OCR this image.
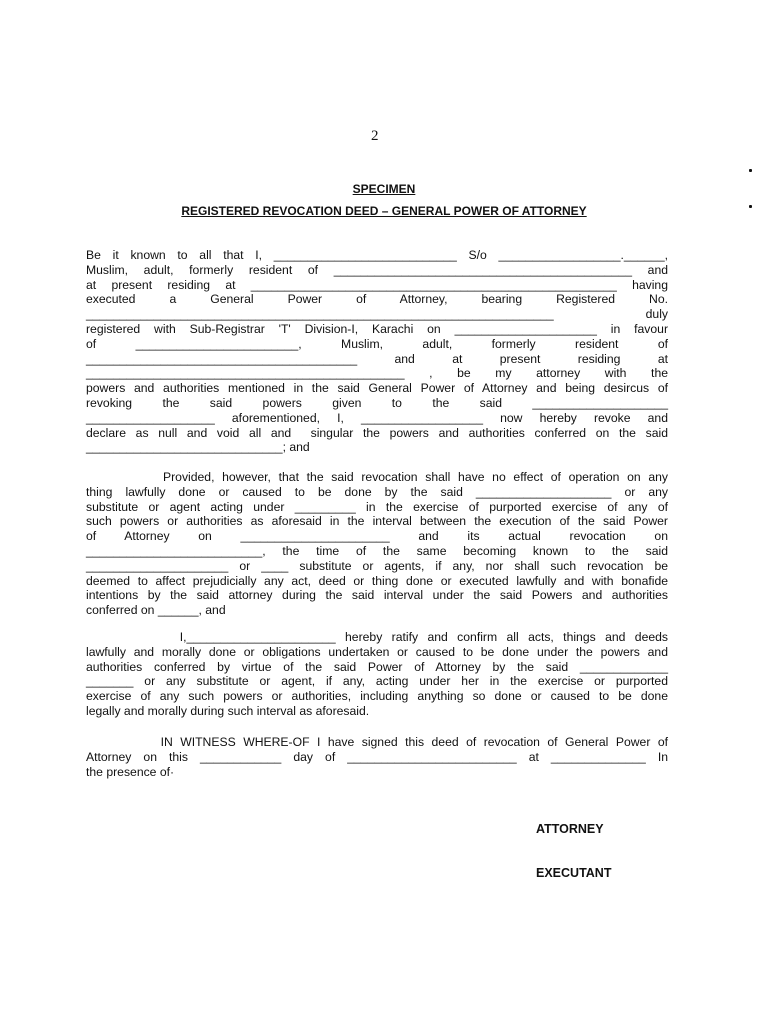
2
SPECIMEN
REGISTERED REVOCATION DEED – GENERAL POWER OF ATTORNEY
Be it known to all that I, ___________________________ S/o __________________.______,
Muslim, adult, formerly resident of ____________________________________________ and
at present residing at ______________________________________________________ having
executed   a   General   Power   of   Attorney,   bearing   Registered   No.
_____________________________________________________________________ duly
registered with Sub-Registrar 'T' Division-I, Karachi on _____________________ in favour
of    ________________________,    Muslim,    adult,    formerly    resident    of
________________________________________ and at present residing at
_______________________________________________ , be my attorney with the
powers and authorities mentioned in the said General Power of Attorney and being desircus of
revoking   the   said   powers   given   to   the   said   ____________________
___________________ aforementioned, I, __________________ now hereby revoke and
declare as null and void all and  singular the powers and authorities conferred on the said
_____________________________; and
Provided, however, that the said revocation shall have no effect of operation on any
thing lawfully done or caused to be done by the said ____________________ or any
substitute or agent acting under _________ in the exercise of purported exercise of any of
such powers or authorities as aforesaid in the interval between the execution of the said Power
of   Attorney   on   ______________________   and   its   actual   revocation   on
__________________________,  the  time  of  the  same  becoming  known  to  the  said
_____________________ or ____ substitute or agents, if any, nor shall such revocation be
deemed to affect prejudicially any act, deed or thing done or executed lawfully and with bonafide
intentions by the said attorney during the said interval under the said Powers and authorities
conferred on ______, and
I,______________________ hereby ratify and confirm all acts, things and deeds
lawfully and morally done or obligations undertaken or caused to be done under the powers and
authorities conferred by virtue of the said Power of Attorney by the said _____________
_______ or any substitute or agent, if any, acting under her in the exercise or purported
exercise of any such powers or authorities, including anything so done or caused to be done
legally and morally during such interval as aforesaid.
IN WITNESS WHERE-OF I have signed this deed of revocation of General Power of
Attorney on this ____________ day of _________________________ at ______________ In
the presence of·
ATTORNEY
EXECUTANT
